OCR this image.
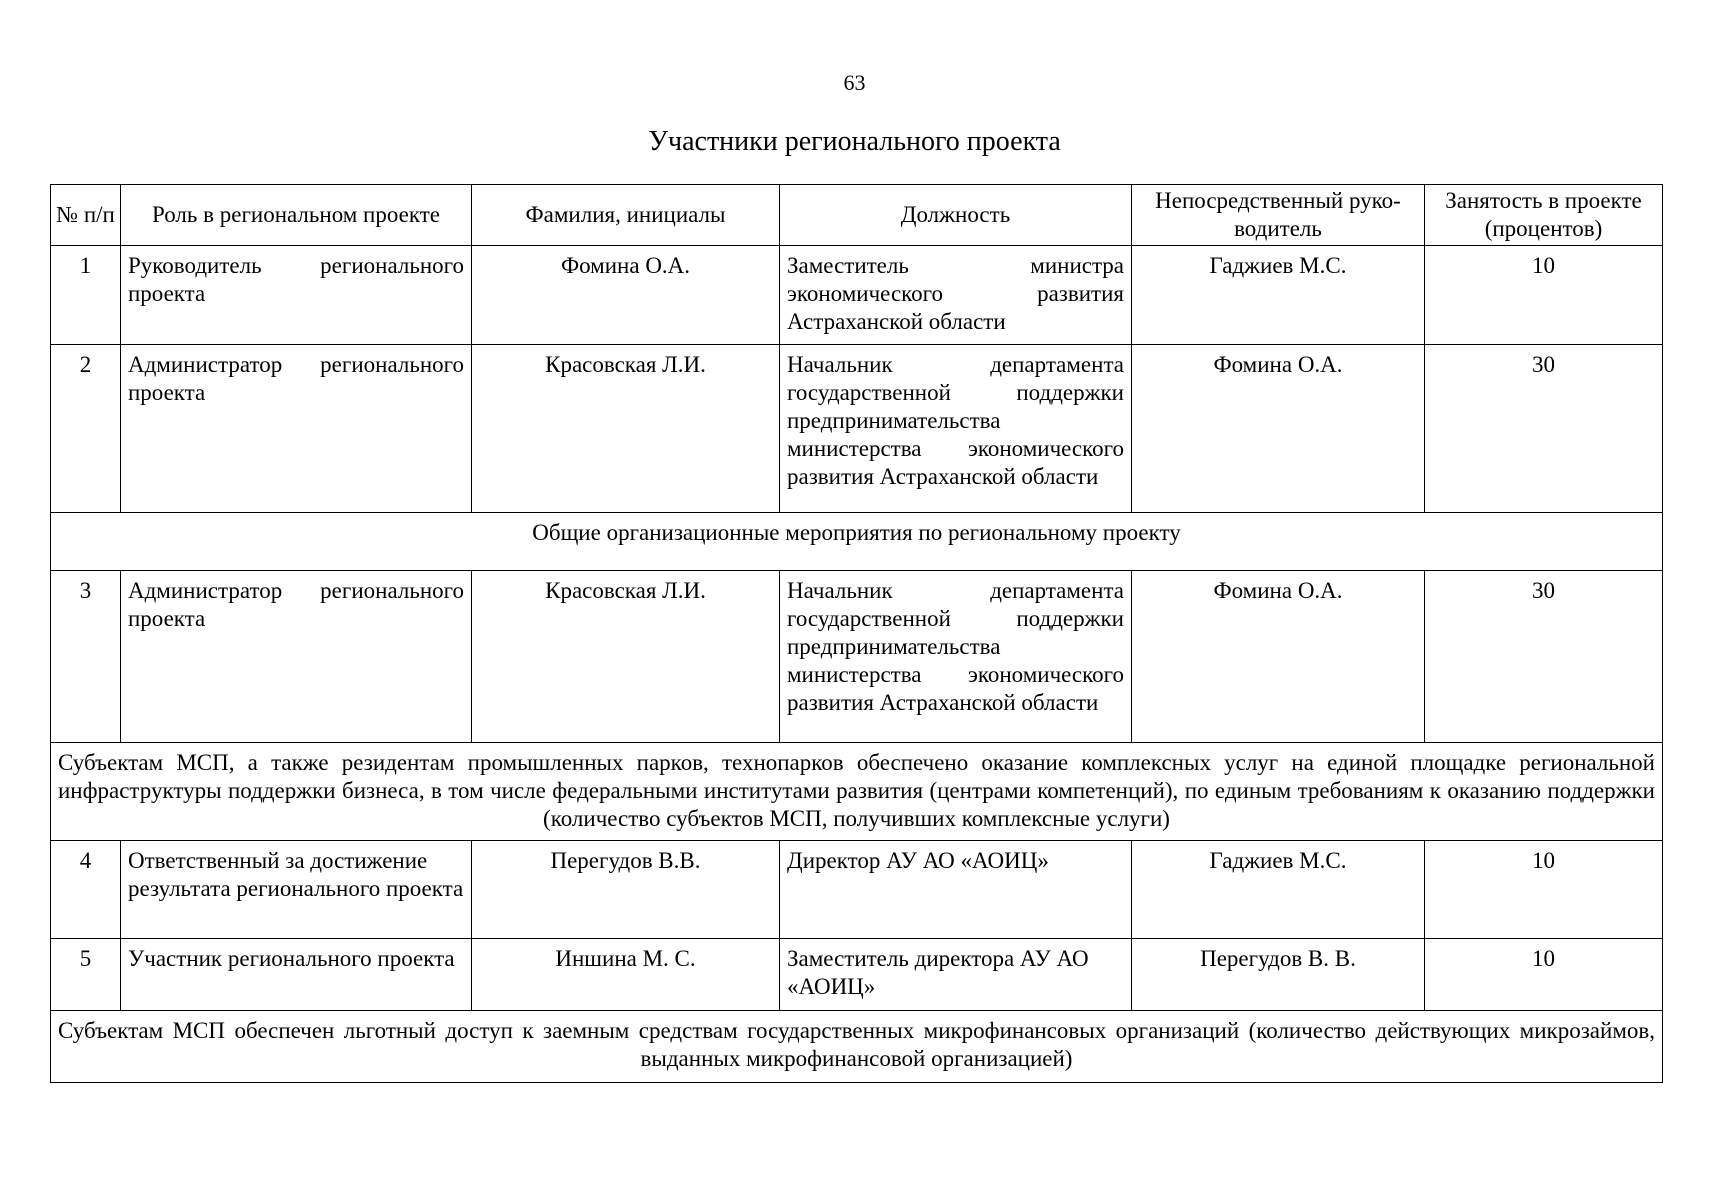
63
Участники регионального проекта
№ п/п	Роль в региональном проекте	Фамилия, инициалы	Должность	Непосредственный руко-водитель	Занятость в проекте (процентов)
1	Руководитель регионального проекта	Фомина О.А.	Заместитель министра экономического развития Астраханской области	Гаджиев М.С.	10
2	Администратор регионального проекта	Красовская Л.И.	Начальник департамента государственной поддержки предпринимательства министерства экономического развития Астраханской области	Фомина О.А.	30
Общие организационные мероприятия по региональному проекту					
3	Администратор регионального проекта	Красовская Л.И.	Начальник департамента государственной поддержки предпринимательства министерства экономического развития Астраханской области	Фомина О.А.	30

Субъектам МСП, а также резидентам промышленных парков, технопарков обеспечено оказание комплексных услуг на единой площадке региональной инфраструктуры поддержки бизнеса, в том числе федеральными институтами развития (центрами компетенций), по единым требованиям к оказанию поддержки (количество субъектов МСП, получивших комплексные услуги)					

4	Ответственный за достижение результата регионального проекта	Перегудов В.В.	Директор АУ АО «АОИЦ»	Гаджиев М.С.	10
5	Участник регионального проекта	Иншина М. С.	Заместитель директора АУ АО «АОИЦ»	Перегудов В. В.	10

Субъектам МСП обеспечен льготный доступ к заемным средствам государственных микрофинансовых организаций (количество действующих микрозаймов, выданных микрофинансовой организацией)					
